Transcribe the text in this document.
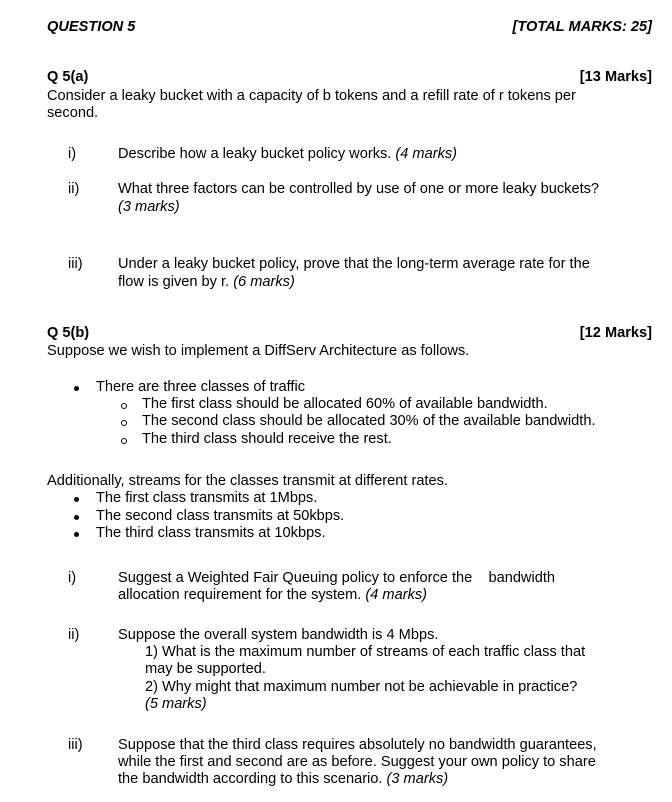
QUESTION 5	[TOTAL MARKS: 25]
Q 5(a)	[13 Marks]
Consider a leaky bucket with a capacity of b tokens and a refill rate of r tokens per
second.
i)	Describe how a leaky bucket policy works. (4 marks)
ii)	What three factors can be controlled by use of one or more leaky buckets?
(3 marks)
iii) Under a leaky bucket policy, prove that the long-term average rate for the
flow is given by r. (6 marks)
Q 5(b)	[12 Marks]
Suppose we wish to implement a DiffServ Architecture as follows.
There are three classes of traffic
The first class should be allocated 60% of available bandwidth.
The second class should be allocated 30% of the available bandwidth.
The third class should receive the rest.
Additionally, streams for the classes transmit at different rates.
The first class transmits at 1Mbps.
The second class transmits at 50kbps.
The third class transmits at 10kbps.
i)	Suggest a Weighted Fair Queuing policy to enforce the    bandwidth
allocation requirement for the system. (4 marks)
ii)	Suppose the overall system bandwidth is 4 Mbps.
1) What is the maximum number of streams of each traffic class that
may be supported.
2) Why might that maximum number not be achievable in practice?
(5 marks)
iii) Suppose that the third class requires absolutely no bandwidth guarantees,
while the first and second are as before. Suggest your own policy to share
the bandwidth according to this scenario. (3 marks)
